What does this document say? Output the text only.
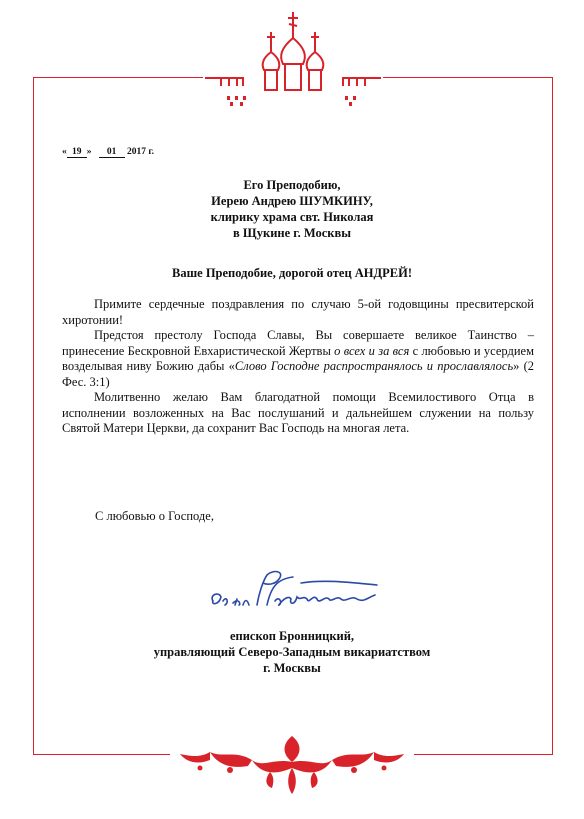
« 19 » 01 2017 г.
Его Преподобию,
Иерею Андрею ШУМКИНУ,
клирику храма свт. Николая
в Щукине г. Москвы
Ваше Преподобие, дорогой отец АНДРЕЙ!

Примите сердечные поздравления по случаю 5-ой годовщины пресвитерской хиротонии!

Предстоя престолу Господа Славы, Вы совершаете великое Таинство – принесение Бескровной Евхаристической Жертвы о всех и за вся с любовью и усердием возделывая ниву Божию дабы «Слово Господне распространялось и прославлялось» (2 Фес. 3:1)

Молитвенно желаю Вам благодатной помощи Всемилостивого Отца в исполнении возложенных на Вас послушаний и дальнейшем служении на пользу Святой Матери Церкви, да сохранит Вас Господь на многая лета.

С любовью о Господе,
епископ Бронницкий,
управляющий Северо-Западным викариатством
г. Москвы
